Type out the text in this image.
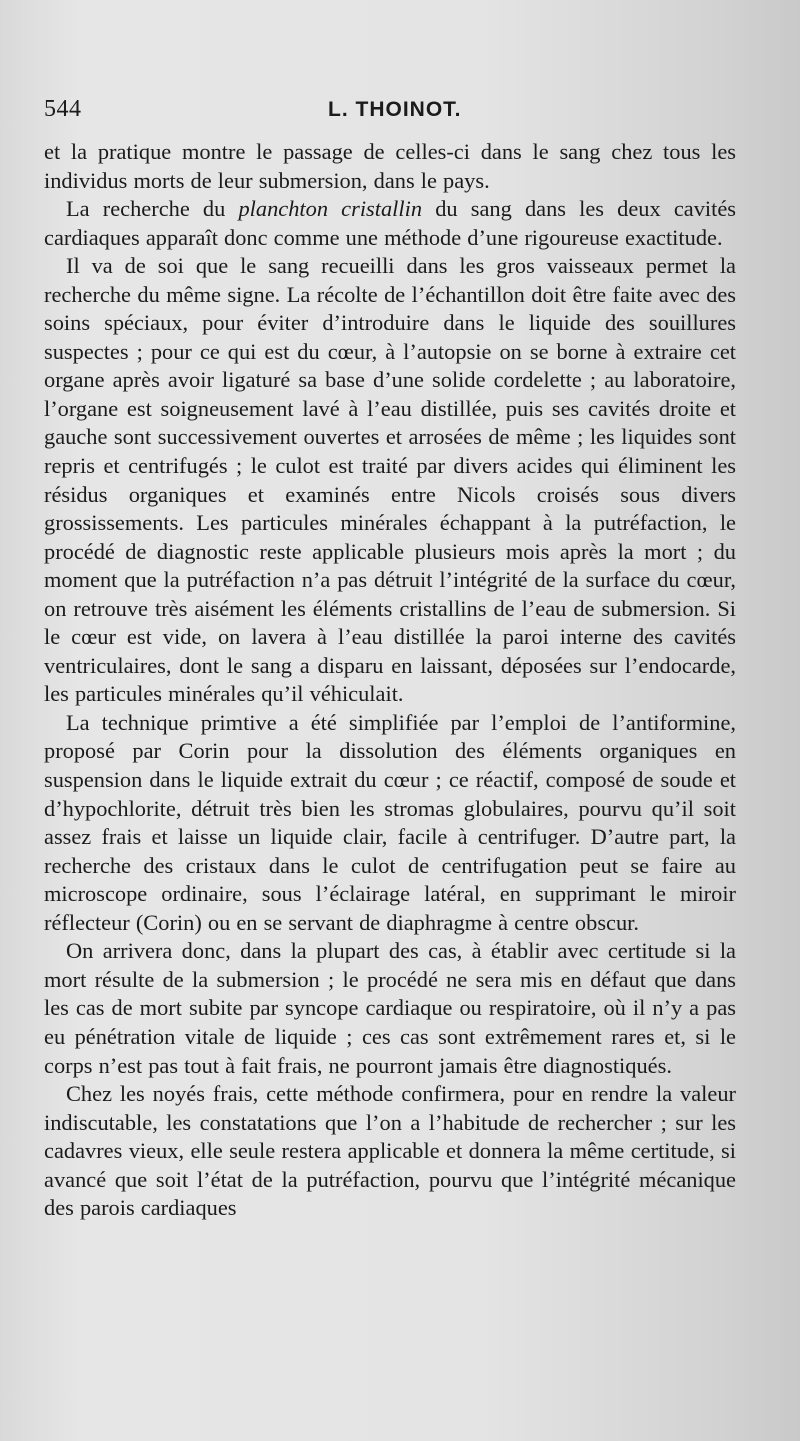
544	L. THOINOT.

et la pratique montre le passage de celles-ci dans le sang chez tous les individus morts de leur submersion, dans le pays.

La recherche du planchton cristallin du sang dans les deux cavités cardiaques apparaît donc comme une méthode d’une rigoureuse exactitude.

Il va de soi que le sang recueilli dans les gros vaisseaux permet la recherche du même signe. La récolte de l’échantillon doit être faite avec des soins spéciaux, pour éviter d’introduire dans le liquide des souillures suspectes ; pour ce qui est du cœur, à l’autopsie on se borne à extraire cet organe après avoir ligaturé sa base d’une solide cordelette ; au laboratoire, l’organe est soigneusement lavé à l’eau distillée, puis ses cavités droite et gauche sont successivement ouvertes et arrosées de même ; les liquides sont repris et centrifugés ; le culot est traité par divers acides qui éliminent les résidus organiques et examinés entre Nicols croisés sous divers grossissements. Les particules minérales échappant à la putréfaction, le procédé de diagnostic reste applicable plusieurs mois après la mort ; du moment que la putréfaction n’a pas détruit l’intégrité de la surface du cœur, on retrouve très aisément les éléments cristallins de l’eau de submersion. Si le cœur est vide, on lavera à l’eau distillée la paroi interne des cavités ventriculaires, dont le sang a disparu en laissant, déposées sur l’endocarde, les particules minérales qu’il véhiculait.

La technique primtive a été simplifiée par l’emploi de l’antiformine, proposé par Corin pour la dissolution des éléments organiques en suspension dans le liquide extrait du cœur ; ce réactif, composé de soude et d’hypochlorite, détruit très bien les stromas globulaires, pourvu qu’il soit assez frais et laisse un liquide clair, facile à centrifuger. D’autre part, la recherche des cristaux dans le culot de centrifugation peut se faire au microscope ordinaire, sous l’éclairage latéral, en supprimant le miroir réflecteur (Corin) ou en se servant de diaphragme à centre obscur.

On arrivera donc, dans la plupart des cas, à établir avec certitude si la mort résulte de la submersion ; le procédé ne sera mis en défaut que dans les cas de mort subite par syncope cardiaque ou respiratoire, où il n’y a pas eu pénétration vitale de liquide ; ces cas sont extrêmement rares et, si le corps n’est pas tout à fait frais, ne pourront jamais être diagnostiqués.

Chez les noyés frais, cette méthode confirmera, pour en rendre la valeur indiscutable, les constatations que l’on a l’habitude de rechercher ; sur les cadavres vieux, elle seule restera applicable et donnera la même certitude, si avancé que soit l’état de la putréfaction, pourvu que l’intégrité mécanique des parois cardiaques
